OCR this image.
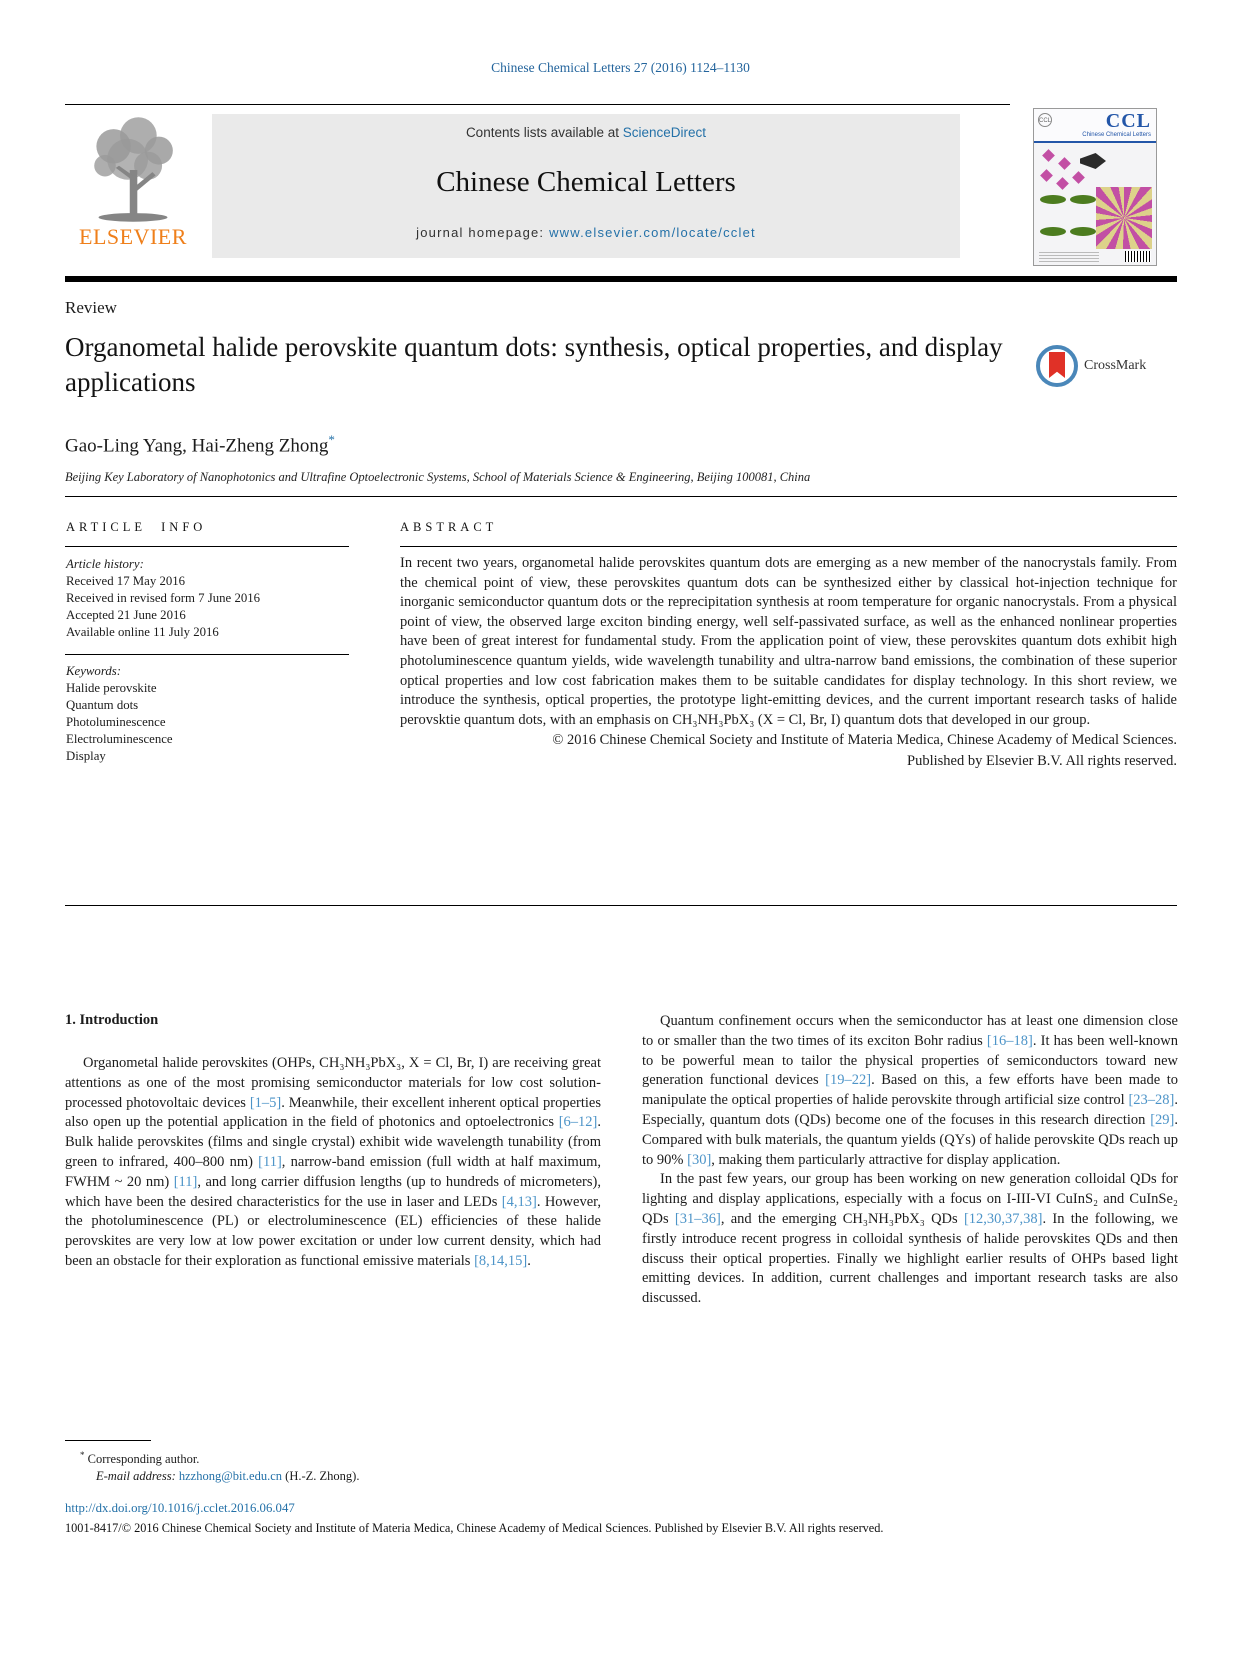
Chinese Chemical Letters 27 (2016) 1124–1130
ELSEVIER
Contents lists available at ScienceDirect
Chinese Chemical Letters
journal homepage: www.elsevier.com/locate/cclet
CCL	CCL
Chinese Chemical Letters
Review
Organometal halide perovskite quantum dots: synthesis, optical properties, and display applications
CrossMark
Gao-Ling Yang, Hai-Zheng Zhong*
Beijing Key Laboratory of Nanophotonics and Ultrafine Optoelectronic Systems, School of Materials Science & Engineering, Beijing 100081, China
ARTICLE INFO
Article history:
Received 17 May 2016
Received in revised form 7 June 2016
Accepted 21 June 2016
Available online 11 July 2016
Keywords:
Halide perovskite
Quantum dots
Photoluminescence
Electroluminescence
Display
ABSTRACT
In recent two years, organometal halide perovskites quantum dots are emerging as a new member of the nanocrystals family. From the chemical point of view, these perovskites quantum dots can be synthesized either by classical hot-injection technique for inorganic semiconductor quantum dots or the reprecipitation synthesis at room temperature for organic nanocrystals. From a physical point of view, the observed large exciton binding energy, well self-passivated surface, as well as the enhanced nonlinear properties have been of great interest for fundamental study. From the application point of view, these perovskites quantum dots exhibit high photoluminescence quantum yields, wide wavelength tunability and ultra-narrow band emissions, the combination of these superior optical properties and low cost fabrication makes them to be suitable candidates for display technology. In this short review, we introduce the synthesis, optical properties, the prototype light-emitting devices, and the current important research tasks of halide perovsktie quantum dots, with an emphasis on CH₃NH₃PbX₃ (X = Cl, Br, I) quantum dots that developed in our group.
© 2016 Chinese Chemical Society and Institute of Materia Medica, Chinese Academy of Medical Sciences.
Published by Elsevier B.V. All rights reserved.
1. Introduction

Organometal halide perovskites (OHPs, CH₃NH₃PbX₃, X = Cl, Br, I) are receiving great attentions as one of the most promising semiconductor materials for low cost solution-processed photovoltaic devices [1–5]. Meanwhile, their excellent inherent optical properties also open up the potential application in the field of photonics and optoelectronics [6–12]. Bulk halide perovskites (films and single crystal) exhibit wide wavelength tunability (from green to infrared, 400–800 nm) [11], narrow-band emission (full width at half maximum, FWHM ~ 20 nm) [11], and long carrier diffusion lengths (up to hundreds of micrometers), which have been the desired characteristics for the use in laser and LEDs [4,13]. However, the photoluminescence (PL) or electroluminescence (EL) efficiencies of these halide perovskites are very low at low power excitation or under low current density, which had been an obstacle for their exploration as functional emissive materials [8,14,15].

Quantum confinement occurs when the semiconductor has at least one dimension close to or smaller than the two times of its exciton Bohr radius [16–18]. It has been well-known to be powerful mean to tailor the physical properties of semiconductors toward new generation functional devices [19–22]. Based on this, a few efforts have been made to manipulate the optical properties of halide perovskite through artificial size control [23–28]. Especially, quantum dots (QDs) become one of the focuses in this research direction [29]. Compared with bulk materials, the quantum yields (QYs) of halide perovskite QDs reach up to 90% [30], making them particularly attractive for display application.

In the past few years, our group has been working on new generation colloidal QDs for lighting and display applications, especially with a focus on I-III-VI CuInS₂ and CuInSe₂ QDs [31–36], and the emerging CH₃NH₃PbX₃ QDs [12,30,37,38]. In the following, we firstly introduce recent progress in colloidal synthesis of halide perovskites QDs and then discuss their optical properties. Finally we highlight earlier results of OHPs based light emitting devices. In addition, current challenges and important research tasks are also discussed.

* Corresponding author.
E-mail address: hzzhong@bit.edu.cn (H.-Z. Zhong).
http://dx.doi.org/10.1016/j.cclet.2016.06.047
1001-8417/© 2016 Chinese Chemical Society and Institute of Materia Medica, Chinese Academy of Medical Sciences. Published by Elsevier B.V. All rights reserved.
